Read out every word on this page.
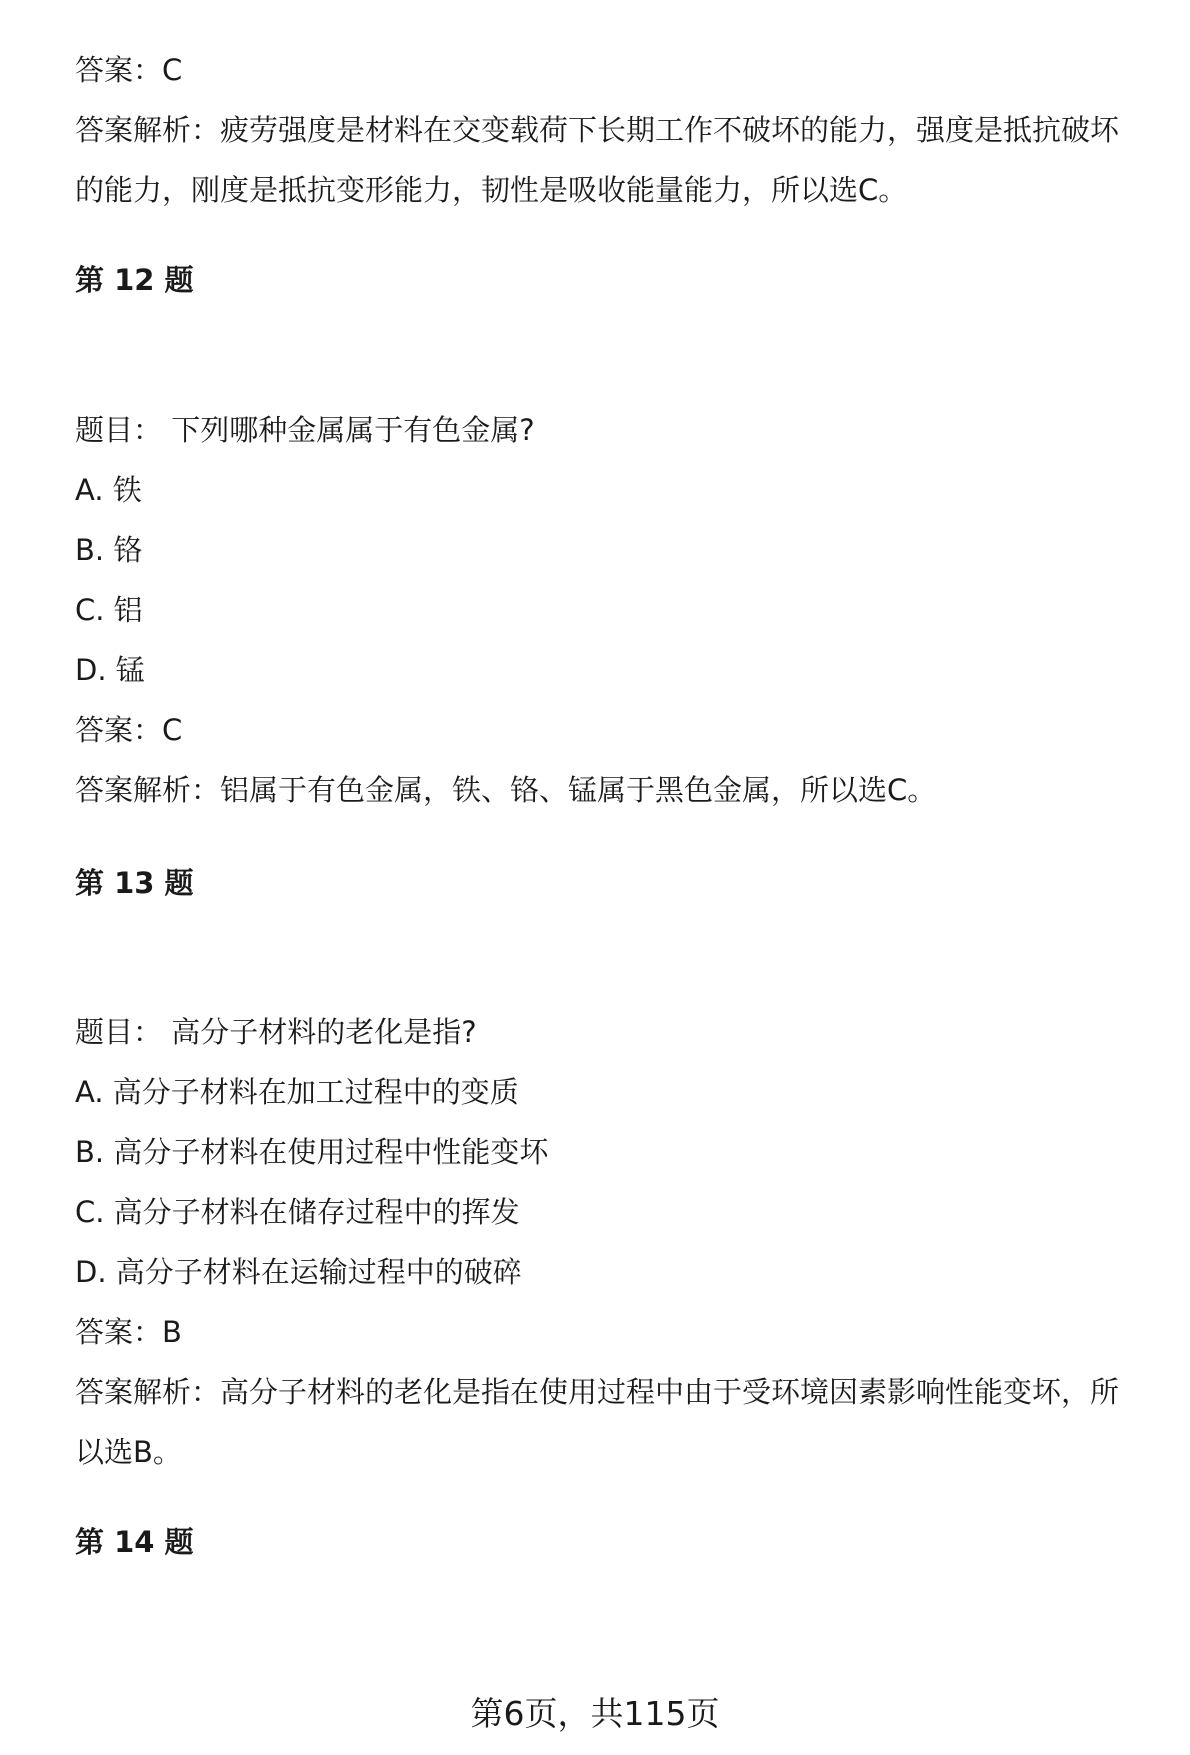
答案：C
答案解析：疲劳强度是材料在交变载荷下长期工作不破坏的能力，强度是抵抗破坏
的能力，刚度是抵抗变形能力，韧性是吸收能量能力，所以选C。
第 12 题
题目： 下列哪种金属属于有色金属?
A. 铁
B. 铬
C. 铝
D. 锰
答案：C
答案解析：铝属于有色金属，铁、铬、锰属于黑色金属，所以选C。
第 13 题
题目： 高分子材料的老化是指?
A. 高分子材料在加工过程中的变质
B. 高分子材料在使用过程中性能变坏
C. 高分子材料在储存过程中的挥发
D. 高分子材料在运输过程中的破碎
答案：B
答案解析：高分子材料的老化是指在使用过程中由于受环境因素影响性能变坏，所
以选B。
第 14 题
第6页，共115页
